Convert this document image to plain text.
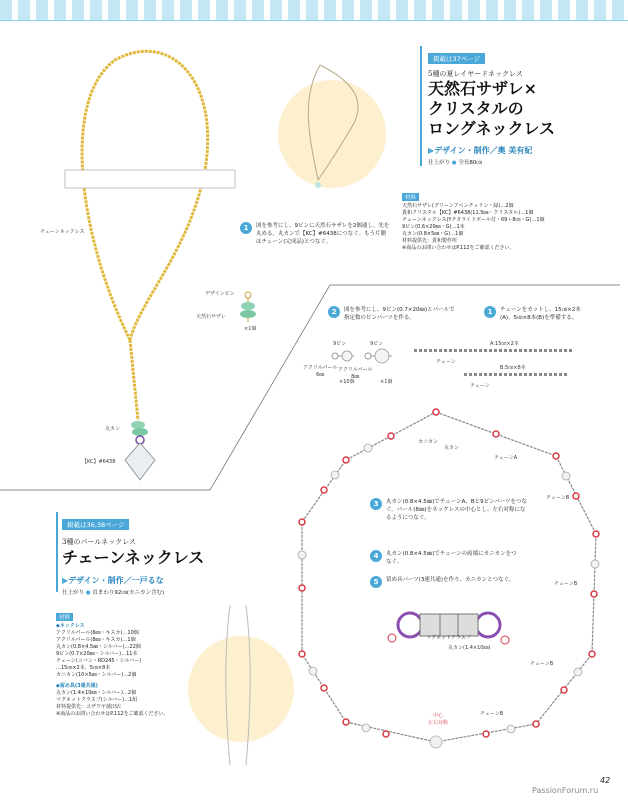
チェーンネックレス
丸カン
【KC】#6438
デザインピン
天然石サザレ
×1個
掲載は37ページ
5種の夏レイヤードネックレス
天然石サザレ×
クリスタルの
ロングネックレス
▶デザイン・制作／奥 美有紀
仕上がり ● 全長80㎝
材料
天然石サザレ(グリーンアベンチュリン・緑)…2個
貴和クリスタル【KC】#6438(11.5㎜・クリスタル)…1個
チェーンネックレス(Yチタライドボール付・69＋8㎝・G)…1個
9ピン(0.6×20㎜・G)…1本
丸カン(0.8×5㎜・G)…1個
材料提供先：貴和製作所
※商品のお問い合わせはP.112をご確認ください。
1	図を参考にし、9ピンに天然石サザレを2個通し、先を丸める。丸カンで【KC】#6438につなぐ。もう片側はチェーン(完成品)とつなぐ。
掲載は36,38ページ
3種のパールネックレス
チェーンネックレス
▶デザイン・制作／一戸るな
仕上がり ● 首まわり92㎝(カニカン含む)
材料
◆ネックレス
アクリルパール(6㎜・キスカ)…10個
アクリルパール(8㎜・キスカ)…1個
丸カン(0.8×4.5㎜・シルバー)…22個
9ピン(0.7×20㎜・シルバー)…11本
チェーン(コバン・RD245・シルバー)
…15㎝×2本、5㎝×8本
カニカン(10×5㎜・シルバー)…2個
◆留め具(3連共通)
丸カン(1.4×10㎜・シルバー)…2個
マグネットクラスプ(シルバー)…1組
材料提供先：ユザワヤ蒲田店
※商品のお問い合わせはP.112をご確認ください。
2	図を参考にし、9ピン(0.7×20㎜)とパールで指定数のピンパーツを作る。
1	チェーンをカットし、15㎝×2本(A)、5㎝×8本(B)を準備する。
9ピン	9ピン
アクリルパール
6㎜
アクリルパール
8㎜
×10個	×1個
A:15㎝×2本
チェーン
B:5㎝×8本
チェーン
カニカン
丸カン
チェーンA
チェーンB
チェーンB
チェーンB
チェーンB
中心
左右対称
3	丸カン(0.8×4.5㎜)でチェーンA、Bと9ピンパーツをつなぐ。パール(8㎜)をネックレスの中心とし、左右対称になるようにつなぐ。
4	丸カン(0.8×4.5㎜)でチェーンの両端にカニカンをつなぐ。
5	留め具パーツ(3連共通)を作り、カニカンとつなぐ。
マグネットクラスプ
丸カン(1.4×10㎜)
42
PassionForum.ru
